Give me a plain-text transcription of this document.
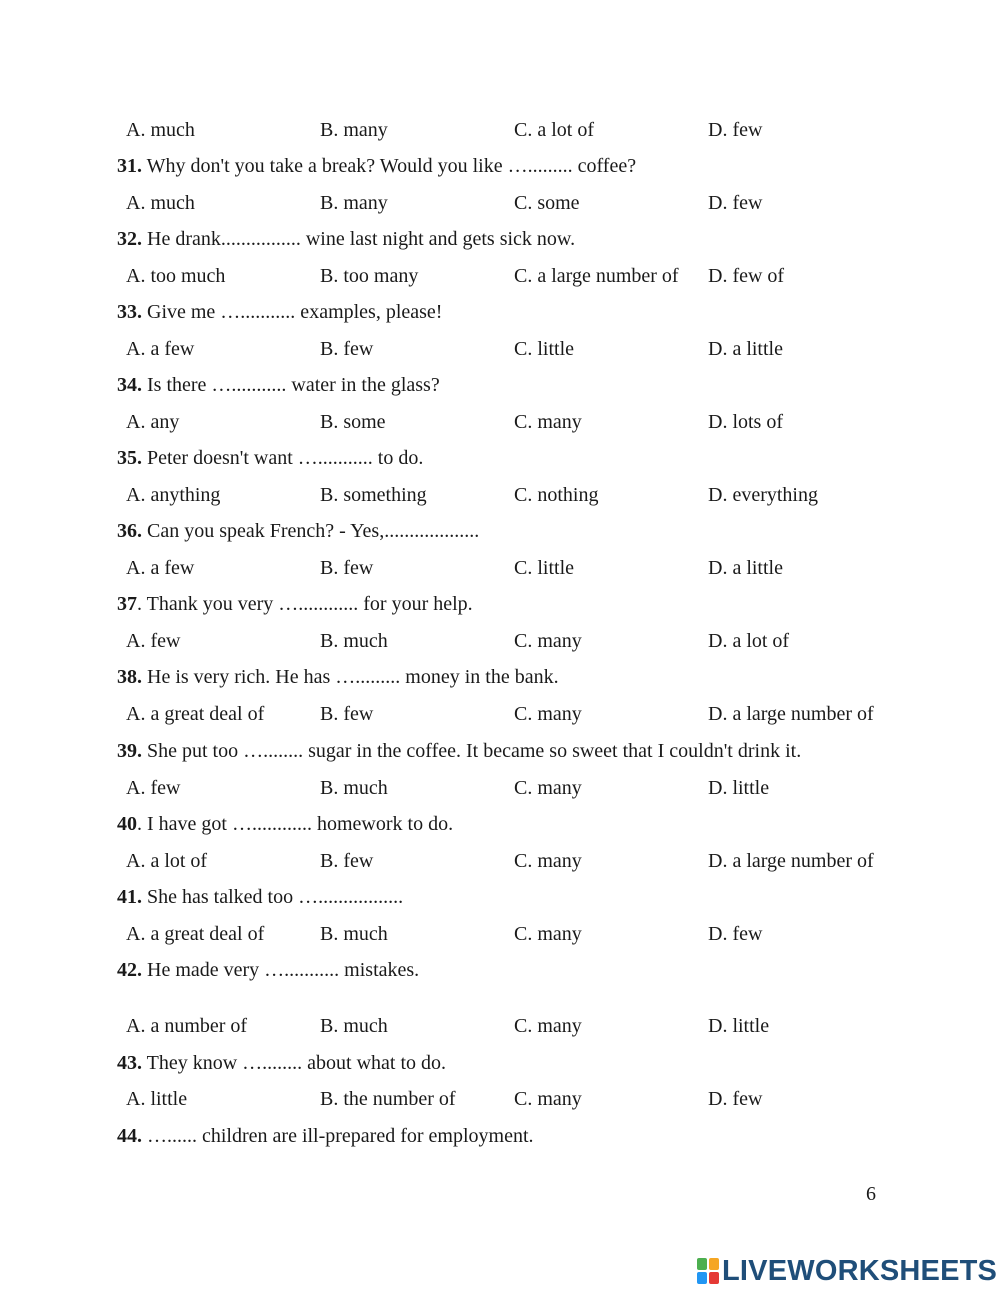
A. much	B. many	C. a lot of	D. few
31. Why don't you take a break? Would you like …......... coffee?
A. much	B. many	C. some	D. few
32. He drank................ wine last night and gets sick now.
A. too much	B. too many	C. a large number of D. few of
33. Give me …........... examples, please!
A. a few	B. few	C. little	D. a little
34. Is there …........... water in the glass?
A. any	B. some	C. many	D. lots of
35. Peter doesn't want …........... to do.
A. anything	B. something	C. nothing	D. everything
36. Can you speak French? - Yes,...................
A. a few	B. few	C. little	D. a little
37. Thank you very …............ for your help.
A. few	B. much	C. many	D. a lot of
38. He is very rich. He has …......... money in the bank.
A. a great deal of	B. few	C. many	D. a large number of
39. She put too …........ sugar in the coffee. It became so sweet that I couldn't drink it.
A. few	B. much	C. many	D. little
40. I have got …............ homework to do.
A. a lot of	B. few	C. many	D. a large number of
41. She has talked too ….................
A. a great deal of	B. much	C. many	D. few
42. He made very …........... mistakes.
A. a number of	B. much	C. many	D. little
43. They know …........ about what to do.
A. little	B. the number of	C. many	D. few
44. …...... children are ill-prepared for employment.
6
LIVEWORKSHEETS
